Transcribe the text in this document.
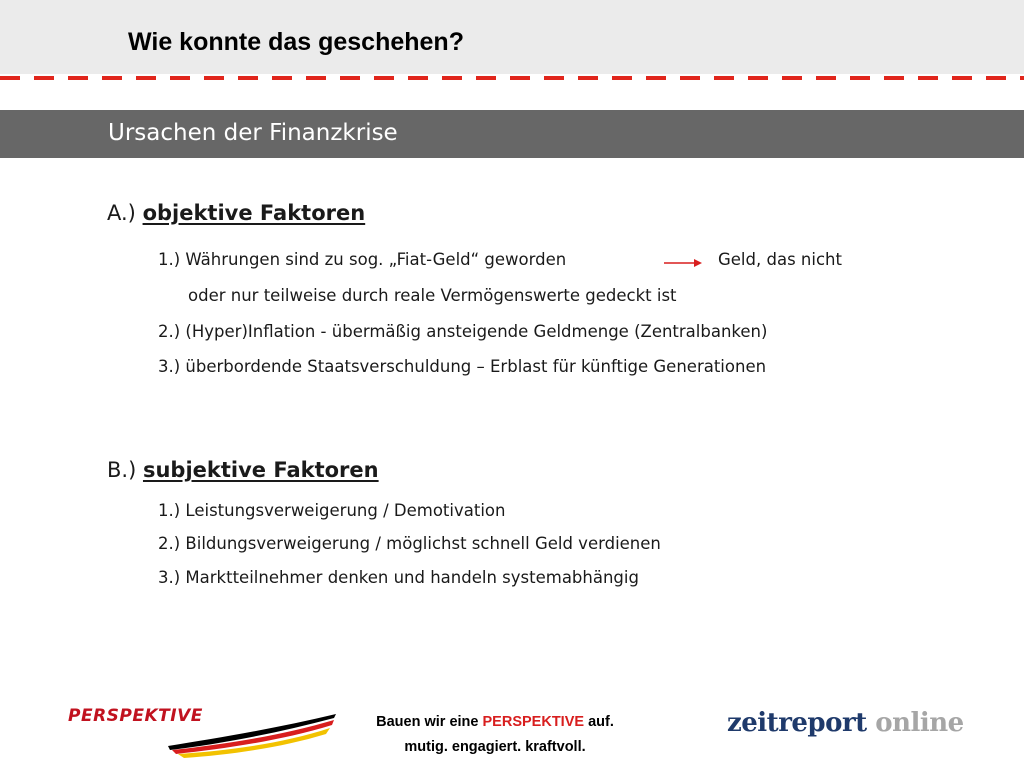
Wie konnte das geschehen?
Ursachen der Finanzkrise
A.) objektive Faktoren
1.) Währungen sind zu sog. „Fiat-Geld“ geworden	Geld, das nicht
oder nur teilweise durch reale Vermögenswerte gedeckt ist
2.) (Hyper)Inflation - übermäßig ansteigende Geldmenge (Zentralbanken)
3.) überbordende Staatsverschuldung – Erblast für künftige Generationen
B.) subjektive Faktoren
1.) Leistungsverweigerung / Demotivation
2.) Bildungsverweigerung / möglichst schnell Geld verdienen
3.) Marktteilnehmer denken und handeln systemabhängig
PERSPEKTIVE	Bauen wir eine PERSPEKTIVE auf.
mutig. engagiert. kraftvoll.
zeitreport online
